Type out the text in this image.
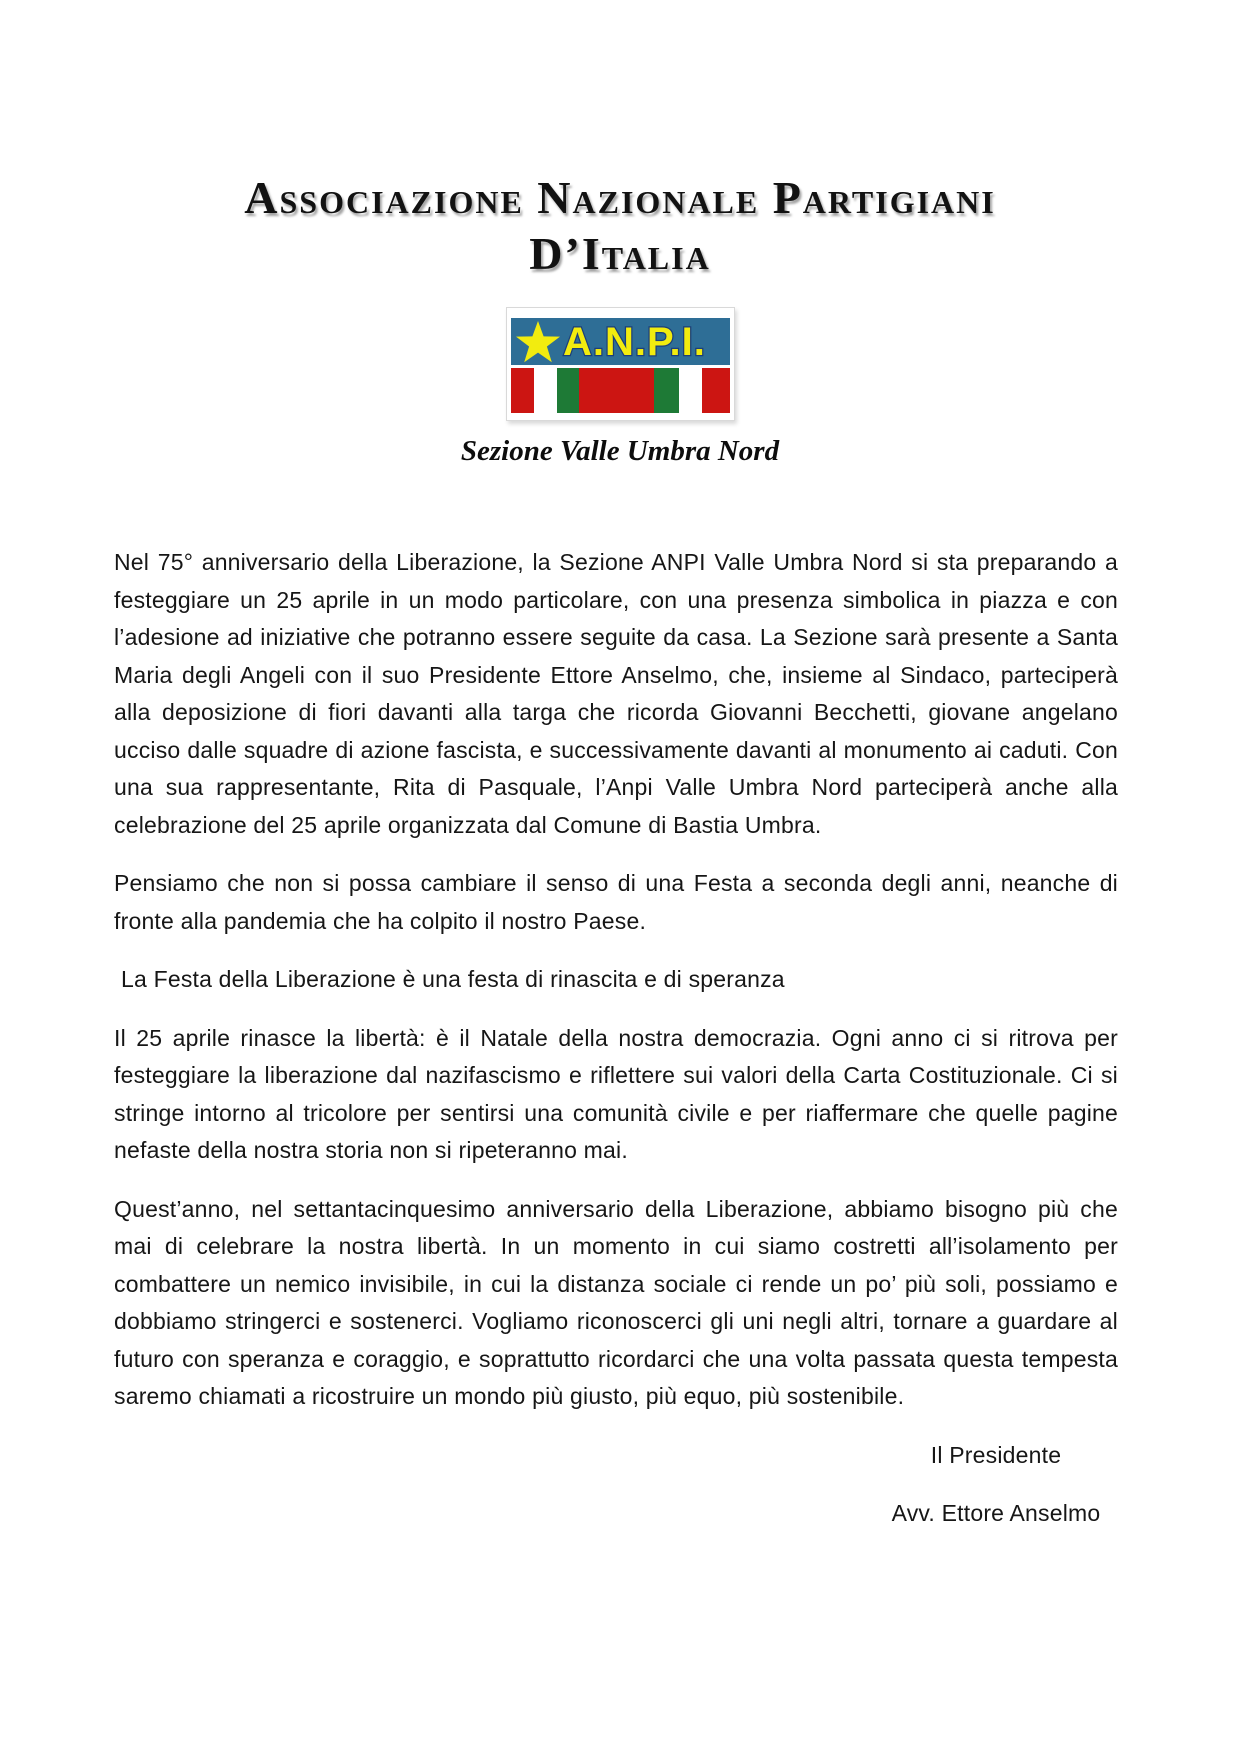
Associazione Nazionale Partigiani
D’Italia
A.N.P.I.
Sezione Valle Umbra Nord

Nel 75° anniversario della Liberazione, la Sezione ANPI Valle Umbra Nord si sta preparando a festeggiare un 25 aprile in un modo particolare, con una presenza simbolica in piazza e con l’adesione ad iniziative che potranno essere seguite da casa. La Sezione sarà presente a Santa Maria degli Angeli con il suo Presidente Ettore Anselmo, che, insieme al Sindaco, parteciperà alla deposizione di fiori davanti alla targa che ricorda Giovanni Becchetti, giovane angelano ucciso dalle squadre di azione fascista, e successivamente davanti al monumento ai caduti. Con una sua rappresentante, Rita di Pasquale, l’Anpi Valle Umbra Nord parteciperà anche alla celebrazione del 25 aprile organizzata dal Comune di Bastia Umbra.

Pensiamo che non si possa cambiare il senso di una Festa a seconda degli anni, neanche di fronte alla pandemia che ha colpito il nostro Paese.

La Festa della Liberazione è una festa di rinascita e di speranza

Il 25 aprile rinasce la libertà: è il Natale della nostra democrazia. Ogni anno ci si ritrova per festeggiare la liberazione dal nazifascismo e riflettere sui valori della Carta Costituzionale. Ci si stringe intorno al tricolore per sentirsi una comunità civile e per riaffermare che quelle pagine nefaste della nostra storia non si ripeteranno mai.

Quest’anno, nel settantacinquesimo anniversario della Liberazione, abbiamo bisogno più che mai di celebrare la nostra libertà. In un momento in cui siamo costretti all’isolamento per combattere un nemico invisibile, in cui la distanza sociale ci rende un po’ più soli, possiamo e dobbiamo stringerci e sostenerci. Vogliamo riconoscerci gli uni negli altri, tornare a guardare al futuro con speranza e coraggio, e soprattutto ricordarci che una volta passata questa tempesta saremo chiamati a ricostruire un mondo più giusto, più equo, più sostenibile.

Il Presidente

Avv. Ettore Anselmo
